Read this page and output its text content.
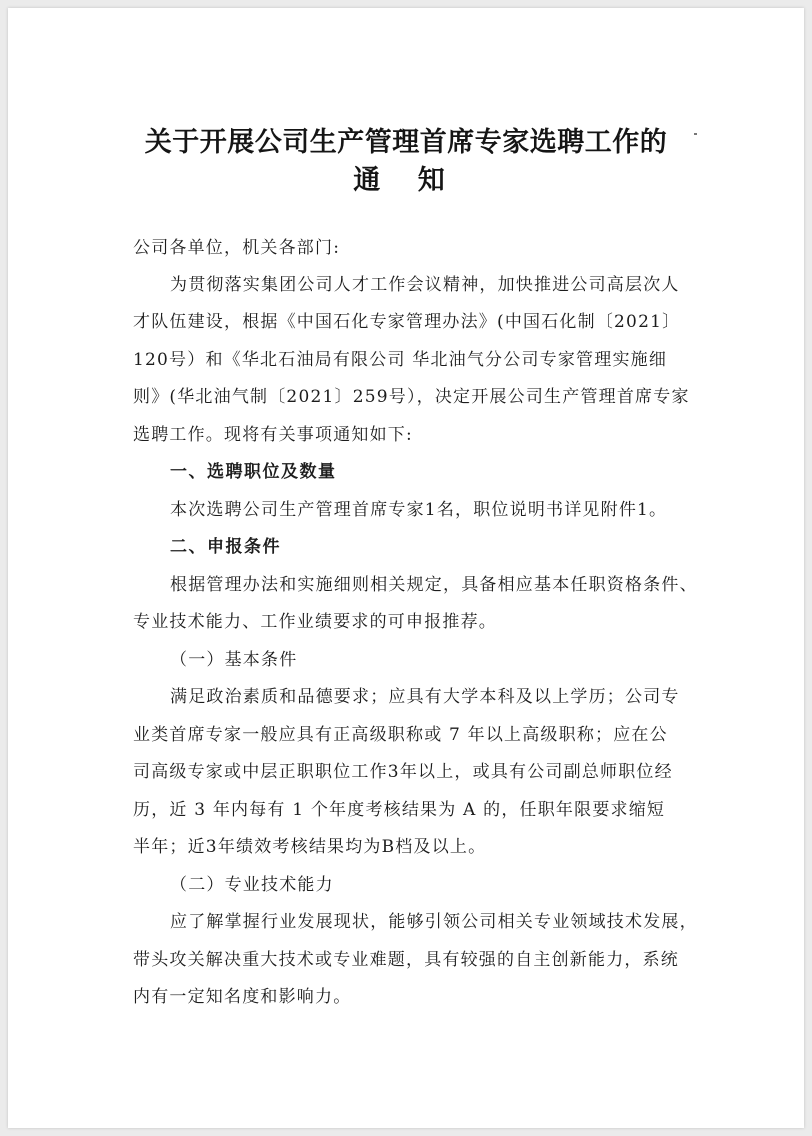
关于开展公司生产管理首席专家选聘工作的
通 知

公司各单位，机关各部门:

为贯彻落实集团公司人才工作会议精神，加快推进公司高层次人

才队伍建设，根据《中国石化专家管理办法》(中国石化制〔2021〕

120号）和《华北石油局有限公司 华北油气分公司专家管理实施细

则》(华北油气制〔2021〕259号），决定开展公司生产管理首席专家

选聘工作。现将有关事项通知如下:

一、选聘职位及数量

本次选聘公司生产管理首席专家1名，职位说明书详见附件1。

二、申报条件

根据管理办法和实施细则相关规定，具备相应基本任职资格条件、

专业技术能力、工作业绩要求的可申报推荐。

（一）基本条件

满足政治素质和品德要求；应具有大学本科及以上学历；公司专

业类首席专家一般应具有正高级职称或 7 年以上高级职称；应在公

司高级专家或中层正职职位工作3年以上，或具有公司副总师职位经

历，近 3 年内每有 1 个年度考核结果为 A 的，任职年限要求缩短

半年；近3年绩效考核结果均为B档及以上。

（二）专业技术能力

应了解掌握行业发展现状，能够引领公司相关专业领域技术发展，

带头攻关解决重大技术或专业难题，具有较强的自主创新能力，系统

内有一定知名度和影响力。
